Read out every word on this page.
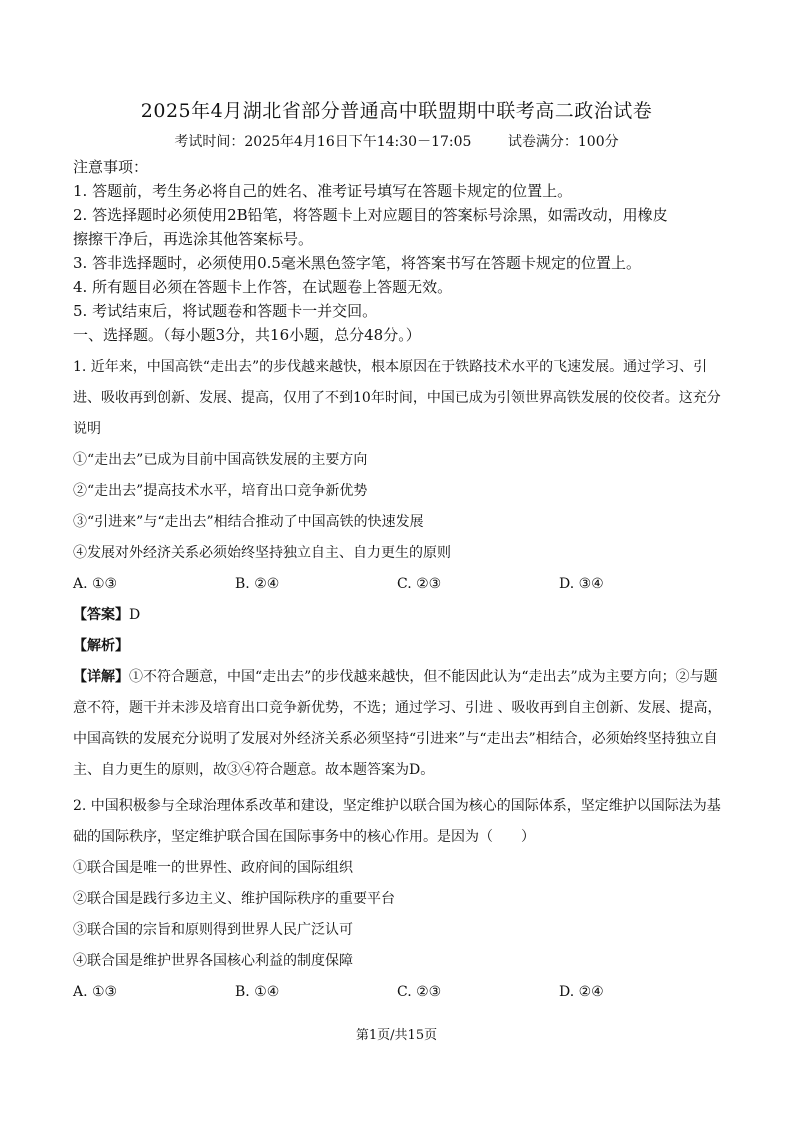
2025年4月湖北省部分普通高中联盟期中联考高二政治试卷
考试时间：2025年4月16日下午14:30－17:05	试卷满分：100分
注意事项：
1. 答题前，考生务必将自己的姓名、准考证号填写在答题卡规定的位置上。
2. 答选择题时必须使用2B铅笔，将答题卡上对应题目的答案标号涂黑，如需改动，用橡皮
擦擦干净后，再选涂其他答案标号。
3. 答非选择题时，必须使用0.5毫米黑色签字笔，将答案书写在答题卡规定的位置上。
4. 所有题目必须在答题卡上作答，在试题卷上答题无效。
5. 考试结束后，将试题卷和答题卡一并交回。
一、选择题。（每小题3分，共16小题，总分48分。）

1. 近年来，中国高铁“走出去”的步伐越来越快，根本原因在于铁路技术水平的飞速发展。通过学习、引进、吸收再到创新、发展、提高，仅用了不到10年时间，中国已成为引领世界高铁发展的佼佼者。这充分说明

①“走出去”已成为目前中国高铁发展的主要方向

②“走出去”提高技术水平，培育出口竞争新优势

③“引进来”与“走出去”相结合推动了中国高铁的快速发展

④发展对外经济关系必须始终坚持独立自主、自力更生的原则

A. ①③	B. ②④	C. ②③	D. ③④

【答案】D

【解析】

【详解】①不符合题意，中国“走出去”的步伐越来越快，但不能因此认为“走出去”成为主要方向；②与题意不符，题干并未涉及培育出口竞争新优势，不选；通过学习、引进 、吸收再到自主创新、发展、提高，中国高铁的发展充分说明了发展对外经济关系必须坚持“引进来”与“走出去”相结合，必须始终坚持独立自主、自力更生的原则，故③④符合题意。故本题答案为D。

2. 中国积极参与全球治理体系改革和建设，坚定维护以联合国为核心的国际体系，坚定维护以国际法为基础的国际秩序，坚定维护联合国在国际事务中的核心作用。是因为（　　）

①联合国是唯一的世界性、政府间的国际组织

②联合国是践行多边主义、维护国际秩序的重要平台

③联合国的宗旨和原则得到世界人民广泛认可

④联合国是维护世界各国核心利益的制度保障

A. ①③	B. ①④	C. ②③	D. ②④
第1页/共15页
